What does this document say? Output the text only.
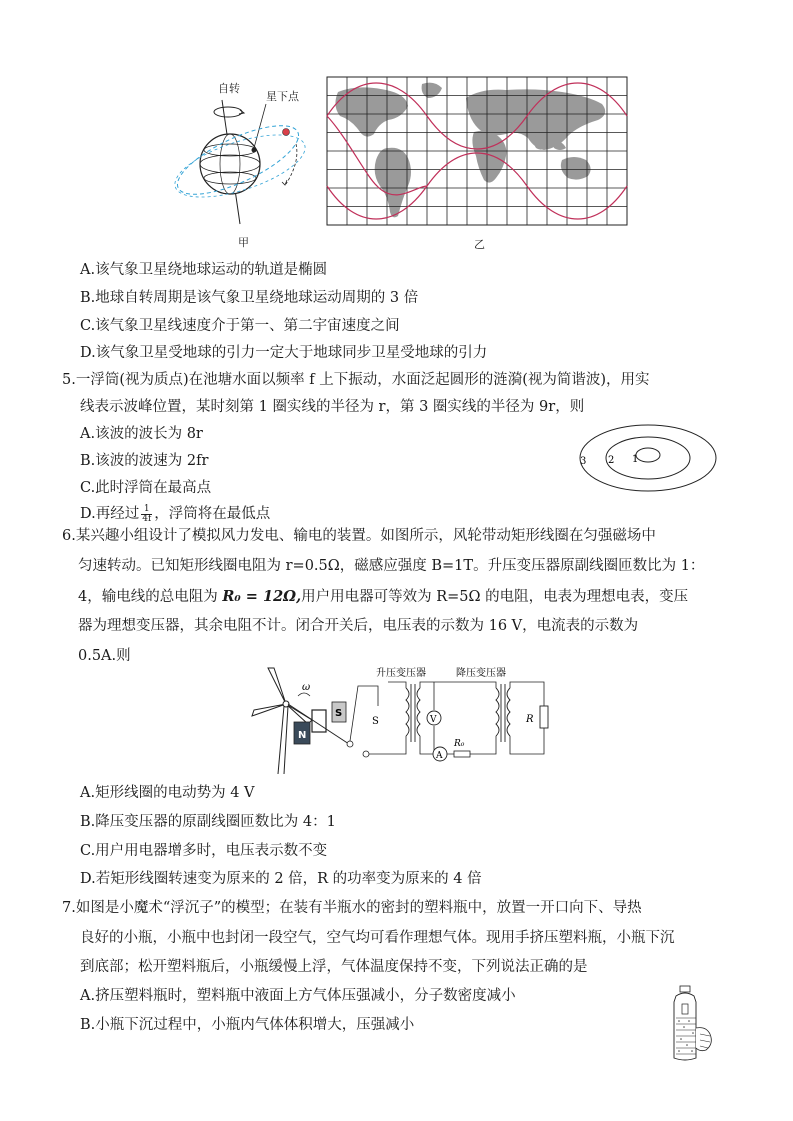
自转
星下点
甲	乙
A.该气象卫星绕地球运动的轨道是椭圆
B.地球自转周期是该气象卫星绕地球运动周期的 3 倍
C.该气象卫星线速度介于第一、第二宇宙速度之间
D.该气象卫星受地球的引力一定大于地球同步卫星受地球的引力
5.一浮筒(视为质点)在池塘水面以频率 f 上下振动，水面泛起圆形的涟漪(视为简谐波)，用实
线表示波峰位置，某时刻第 1 圈实线的半径为 r，第 3 圈实线的半径为 9r，则
A.该波的波长为 8r
B.该波的波速为 2fr
C.此时浮筒在最高点
D.再经过 $\frac{1}{4f}$ ，浮筒将在最低点
3 2 1
6.某兴趣小组设计了模拟风力发电、输电的装置。如图所示，风轮带动矩形线圈在匀强磁场中
匀速转动。已知矩形线圈电阻为 r=0.5Ω，磁感应强度 B=1T。升压变压器原副线圈匝数比为 1：
4，输电线的总电阻为 R₀ = 12Ω,用户用电器可等效为 R=5Ω 的电阻，电表为理想电表，变压
器为理想变压器，其余电阻不计。闭合开关后，电压表的示数为 16 V，电流表的示数为
0.5A.则
ω
N
S
S
升压变压器
V
A
R₀
降压变压器
R
A.矩形线圈的电动势为 4 V
B.降压变压器的原副线圈匝数比为 4：1
C.用户用电器增多时，电压表示数不变
D.若矩形线圈转速变为原来的 2 倍，R 的功率变为原来的 4 倍
7.如图是小魔术“浮沉子”的模型；在装有半瓶水的密封的塑料瓶中，放置一开口向下、导热
良好的小瓶，小瓶中也封闭一段空气，空气均可看作理想气体。现用手挤压塑料瓶，小瓶下沉
到底部；松开塑料瓶后，小瓶缓慢上浮，气体温度保持不变，下列说法正确的是
A.挤压塑料瓶时，塑料瓶中液面上方气体压强减小，分子数密度减小
B.小瓶下沉过程中，小瓶内气体体积增大，压强减小
